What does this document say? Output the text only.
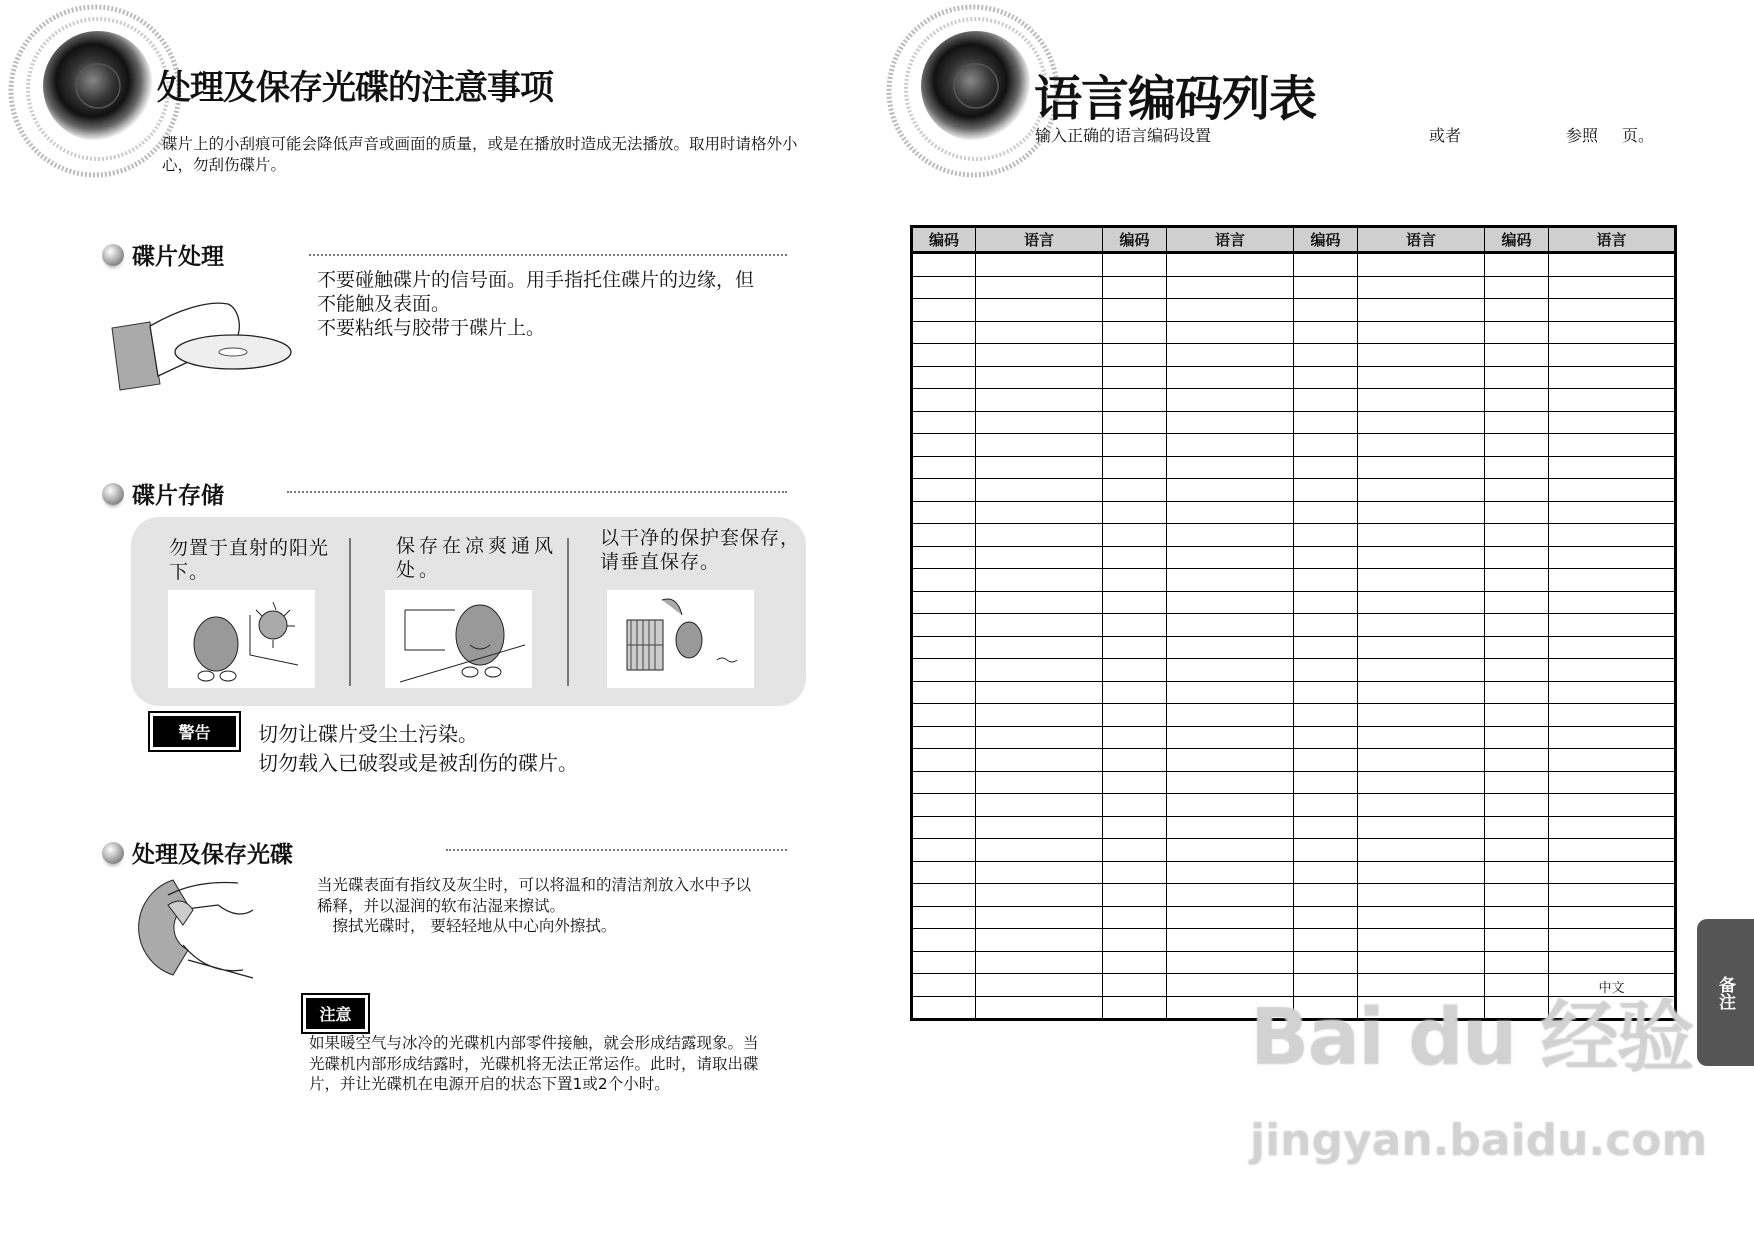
处理及保存光碟的注意事项
碟片上的小刮痕可能会降低声音或画面的质量，或是在播放时造成无法播放。取用时请格外小心，勿刮伤碟片。
碟片处理
不要碰触碟片的信号面。用手指托住碟片的边缘，但
不能触及表面。
不要粘纸与胶带于碟片上。
碟片存储
勿置于直射的阳光下。
保存在凉爽通风处。
以干净的保护套保存，请垂直保存。
警告	切勿让碟片受尘土污染。
切勿载入已破裂或是被刮伤的碟片。
处理及保存光碟
当光碟表面有指纹及灰尘时，可以将温和的清洁剂放入水中予以
稀释，并以湿润的软布沾湿来擦试。
　擦拭光碟时， 要轻轻地从中心向外擦拭。
注意
如果暖空气与冰冷的光碟机内部零件接触，就会形成结露现象。当
光碟机内部形成结露时，光碟机将无法正常运作。此时，请取出碟
片，并让光碟机在电源开启的状态下置1或2个小时。
语言编码列表
输入正确的语言编码设置	或者	参照 页。
编码	语言	编码	语言	编码	语言	编码	语言

							中文
								备注
Bai du 经验
jingyan.baidu.com
